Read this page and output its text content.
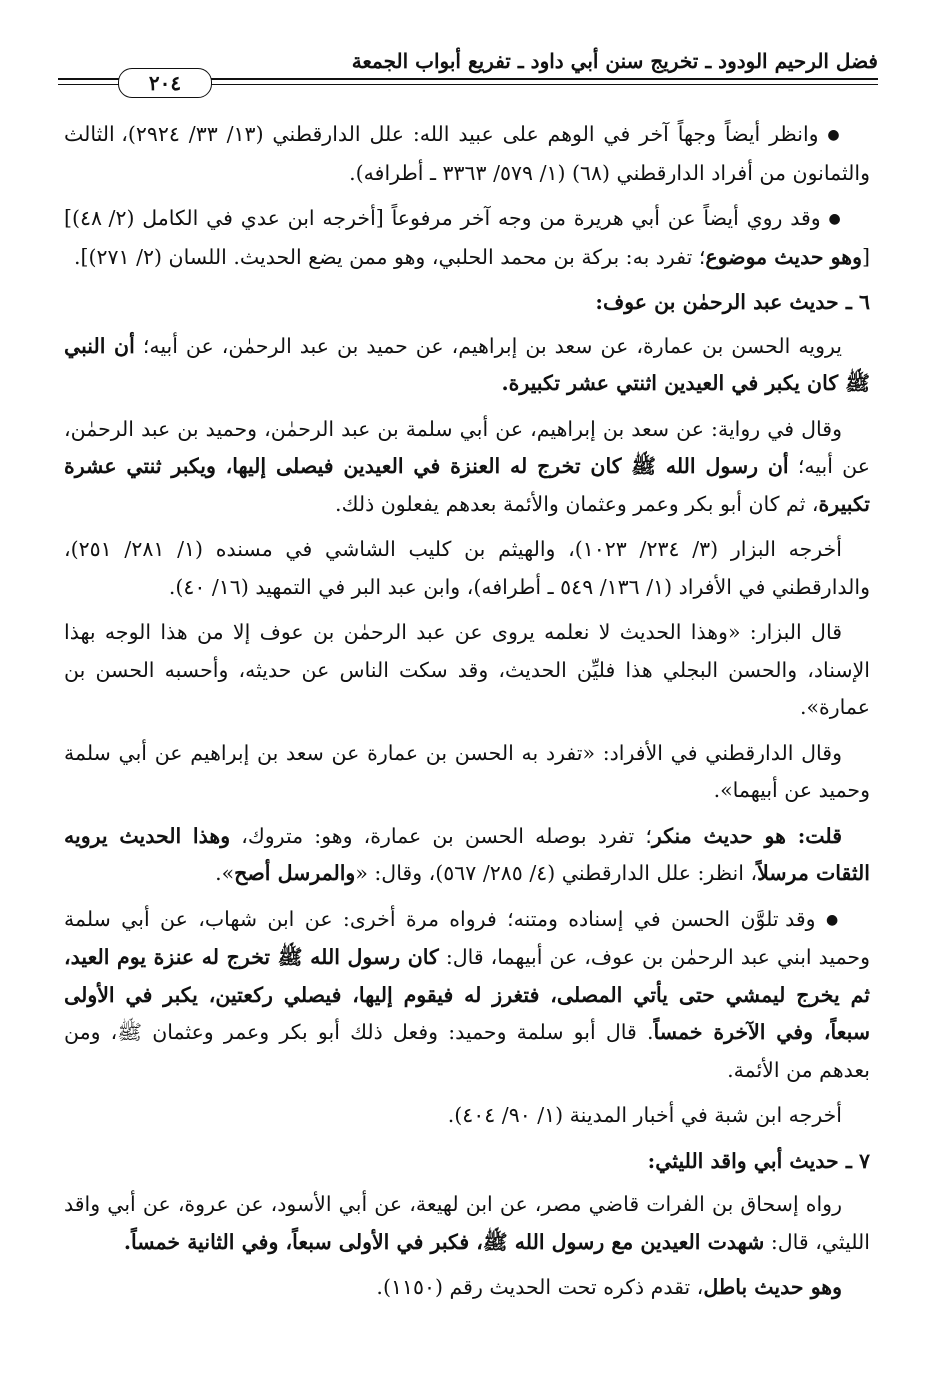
فضل الرحيم الودود ـ تخريج سنن أبي داود ـ تفريع أبواب الجمعة
٢٠٤

● وانظر أيضاً وجهاً آخر في الوهم على عبيد الله: علل الدارقطني (١٣/ ٣٣/ ٢٩٢٤)، الثالث والثمانون من أفراد الدارقطني (٦٨) (١/ ٥٧٩/ ٣٣٦٣ ـ أطرافه).

● وقد روي أيضاً عن أبي هريرة من وجه آخر مرفوعاً [أخرجه ابن عدي في الكامل (٢/ ٤٨)] [وهو حديث موضوع؛ تفرد به: بركة بن محمد الحلبي، وهو ممن يضع الحديث. اللسان (٢/ ٢٧١)].

٦ ـ حديث عبد الرحمٰن بن عوف:

يرويه الحسن بن عمارة، عن سعد بن إبراهيم، عن حميد بن عبد الرحمٰن، عن أبيه؛ أن النبي ﷺ كان يكبر في العيدين اثنتي عشر تكبيرة.

وقال في رواية: عن سعد بن إبراهيم، عن أبي سلمة بن عبد الرحمٰن، وحميد بن عبد الرحمٰن، عن أبيه؛ أن رسول الله ﷺ كان تخرج له العنزة في العيدين فيصلى إليها، ويكبر ثنتي عشرة تكبيرة، ثم كان أبو بكر وعمر وعثمان والأئمة بعدهم يفعلون ذلك.

أخرجه البزار (٣/ ٢٣٤/ ١٠٢٣)، والهيثم بن كليب الشاشي في مسنده (١/ ٢٨١/ ٢٥١)، والدارقطني في الأفراد (١/ ١٣٦/ ٥٤٩ ـ أطرافه)، وابن عبد البر في التمهيد (١٦/ ٤٠).

قال البزار: «وهذا الحديث لا نعلمه يروى عن عبد الرحمٰن بن عوف إلا من هذا الوجه بهذا الإسناد، والحسن البجلي هذا فليِّن الحديث، وقد سكت الناس عن حديثه، وأحسبه الحسن بن عمارة».

وقال الدارقطني في الأفراد: «تفرد به الحسن بن عمارة عن سعد بن إبراهيم عن أبي سلمة وحميد عن أبيهما».

قلت: هو حديث منكر؛ تفرد بوصله الحسن بن عمارة، وهو: متروك، وهذا الحديث يرويه الثقات مرسلاً، انظر: علل الدارقطني (٤/ ٢٨٥/ ٥٦٧)، وقال: «والمرسل أصح».

● وقد تلوَّن الحسن في إسناده ومتنه؛ فرواه مرة أخرى: عن ابن شهاب، عن أبي سلمة وحميد ابني عبد الرحمٰن بن عوف، عن أبيهما، قال: كان رسول الله ﷺ تخرج له عنزة يوم العيد، ثم يخرج ليمشي حتى يأتي المصلى، فتغرز له فيقوم إليها، فيصلي ركعتين، يكبر في الأولى سبعاً، وفي الآخرة خمساً. قال أبو سلمة وحميد: وفعل ذلك أبو بكر وعمر وعثمان ﷺ، ومن بعدهم من الأئمة.

أخرجه ابن شبة في أخبار المدينة (١/ ٩٠/ ٤٠٤).

٧ ـ حديث أبي واقد الليثي:

رواه إسحاق بن الفرات قاضي مصر، عن ابن لهيعة، عن أبي الأسود، عن عروة، عن أبي واقد الليثي، قال: شهدت العيدين مع رسول الله ﷺ، فكبر في الأولى سبعاً، وفي الثانية خمساً.

وهو حديث باطل، تقدم ذكره تحت الحديث رقم (١١٥٠).
